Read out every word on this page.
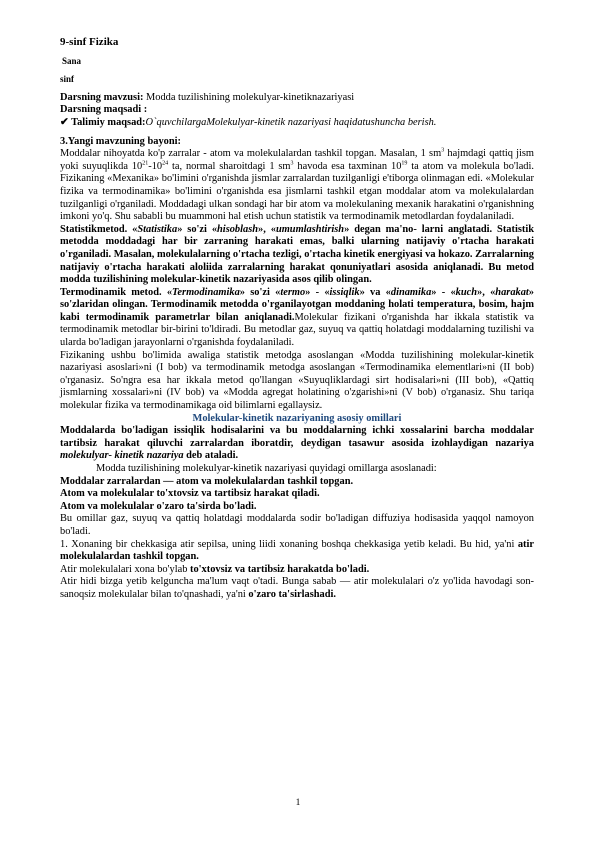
9-sinf Fizika

Sana

sinf

Darsning mavzusi: Modda tuzilishining molekulyar-kinetiknazariyasi

Darsning maqsadi :

✔ Talimiy maqsad:O`quvchilargaMolekulyar-kinetik nazariyasi haqidatushuncha berish.

3.Yangi mavzuning bayoni:

Moddalar nihoyatda ko'p zarralar - atom va molekulalardan tashkil topgan. Masalan, 1 $sm^3$ hajmdagi qattiq jism yoki suyuqlikda $10^{21}-10^{24}$ ta, normal sharoitdagi 1 $sm^3$ havoda esa taxminan $10^{19}$ ta atom va molekula bo'ladi. Fizikaning «Mexanika» bo'limini o'rganishda jismlar zarralardan tuzilganligi e'tiborga olinmagan edi. «Molekular fizika va termodinamika» bo'limini o'rganishda esa jismlarni tashkil etgan moddalar atom va molekulalardan tuzilganligi o'rganiladi. Moddadagi ulkan sondagi har bir atom va molekulaning mexanik harakatini o'rganishning imkoni yo'q. Shu sababli bu muammoni hal etish uchun statistik va termodinamik metodlardan foydalaniladi.

Statistikmetod. «Statistika» so'zi «hisoblash», «umumlashtirish» degan ma'no- larni anglatadi. Statistik metodda moddadagi har bir zarraning harakati emas, balki ularning natijaviy o'rtacha harakati o'rganiladi. Masalan, molekulalarning o'rtacha tezligi, o'rtacha kinetik energiyasi va hokazo. Zarralarning natijaviy o'rtacha harakati aloliida zarralarning harakat qonuniyatlari asosida aniqlanadi. Bu metod modda tuzilishining molekular-kinetik nazariyasida asos qilib olingan.

Termodinamik metod. «Termodinamika» so'zi «termo» - «issiqlik» va «dinamika» - «kuch», «harakat» so'zlaridan olingan. Termodinamik metodda o'rganilayotgan moddaning holati temperatura, bosim, hajm kabi termodinamik parametrlar bilan aniqlanadi.Molekular fizikani o'rganishda har ikkala statistik va termodinamik metodlar bir-birini to'ldiradi. Bu metodlar gaz, suyuq va qattiq holatdagi moddalarning tuzilishi va ularda bo'ladigan jarayonlarni o'rganishda foydalaniladi.

Fizikaning ushbu bo'limida awaliga statistik metodga asoslangan «Modda tuzilishining molekular-kinetik nazariyasi asoslari»ni (I bob) va termodinamik metodga asoslangan «Termodinamika elementlari»ni (II bob) o'rganasiz. So'ngra esa har ikkala metod qo'llangan «Suyuqliklardagi sirt hodisalari»ni (III bob), «Qattiq jismlarning xossalari»ni (IV bob) va «Modda agregat holatining o'zgarishi»ni (V bob) o'rganasiz. Shu tariqa molekular fizika va termodinamikaga oid bilimlarni egallaysiz.

Molekular-kinetik nazariyaning asosiy omillari

Moddalarda bo'ladigan issiqlik hodisalarini va bu moddalarning ichki xossalarini barcha moddalar tartibsiz harakat qiluvchi zarralardan iboratdir, deydigan tasawur asosida izohlaydigan nazariya molekulyar- kinetik nazariya deb ataladi.

Modda tuzilishining molekulyar-kinetik nazariyasi quyidagi omillarga asoslanadi:

Moddalar zarralardan — atom va molekulalardan tashkil topgan.

Atom va molekulalar to'xtovsiz va tartibsiz harakat qiladi.

Atom va molekulalar o'zaro ta'sirda bo'ladi.

Bu omillar gaz, suyuq va qattiq holatdagi moddalarda sodir bo'ladigan diffuziya hodisasida yaqqol namoyon bo'ladi.

1. Xonaning bir chekkasiga atir sepilsa, uning liidi xonaning boshqa chekkasiga yetib keladi. Bu hid, ya'ni atir molekulalardan tashkil topgan.

Atir molekulalari xona bo'ylab to'xtovsiz va tartibsiz harakatda bo'ladi.

Atir hidi bizga yetib kelguncha ma'lum vaqt o'tadi. Bunga sabab — atir molekulalari o'z yo'lida havodagi son-sanoqsiz molekulalar bilan to'qnashadi, ya'ni o'zaro ta'sirlashadi.

1
